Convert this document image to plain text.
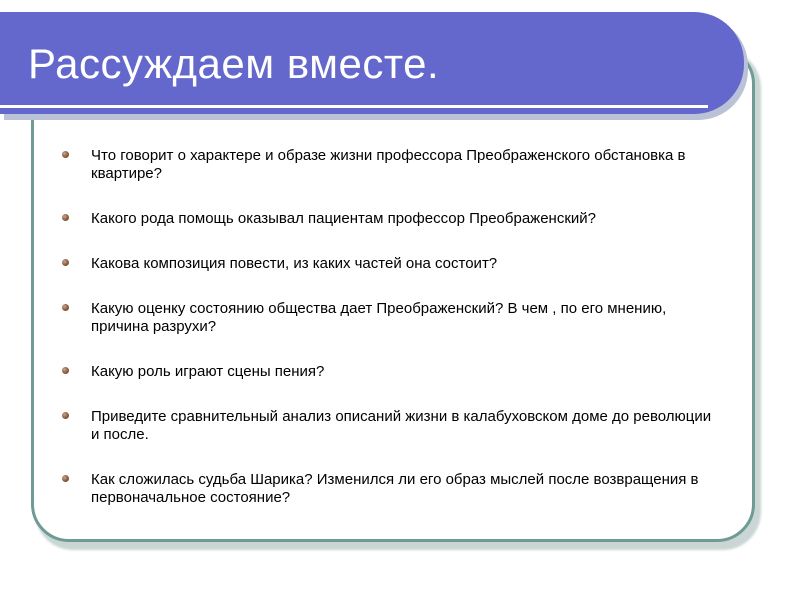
Рассуждаем вместе.
Что говорит о характере и образе жизни профессора Преображенского обстановка в квартире?
Какого рода помощь оказывал пациентам профессор Преображенский?
Какова композиция повести, из каких частей она состоит?
Какую оценку состоянию общества дает Преображенский? В чем , по его мнению, причина разрухи?
Какую роль играют сцены пения?
Приведите сравнительный анализ описаний жизни в калабуховском доме до революции и после.
Как сложилась судьба Шарика? Изменился ли его образ мыслей после возвращения в первоначальное состояние?
